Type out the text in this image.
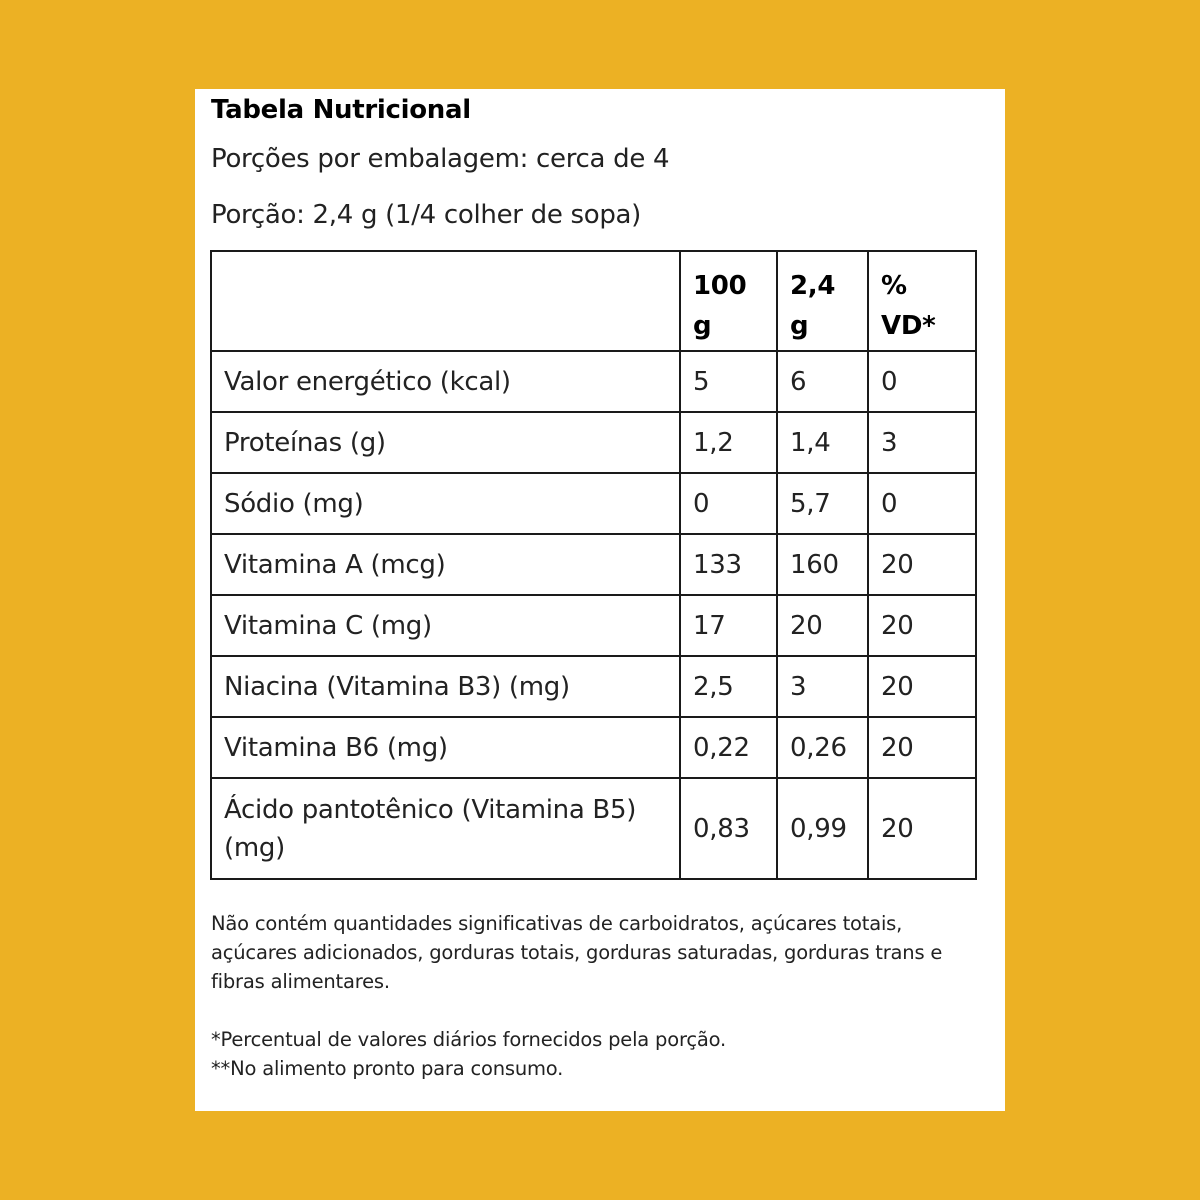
Tabela Nutricional
Porções por embalagem: cerca de 4
Porção: 2,4 g (1/4 colher de sopa)
	100 g	2,4 g	% VD*
Valor energético (kcal)	5	6	0
Proteínas (g)	1,2	1,4	3
Sódio (mg)	0	5,7	0
Vitamina A (mcg)	133	160	20
Vitamina C (mg)	17	20	20
Niacina (Vitamina B3) (mg)	2,5	3	20
Vitamina B6 (mg)	0,22	0,26	20
Ácido pantotênico (Vitamina B5) (mg)	0,83	0,99	20

Não contém quantidades significativas de carboidratos, açúcares totais, açúcares adicionados, gorduras totais, gorduras saturadas, gorduras trans e fibras alimentares.

*Percentual de valores diários fornecidos pela porção.

**No alimento pronto para consumo.
